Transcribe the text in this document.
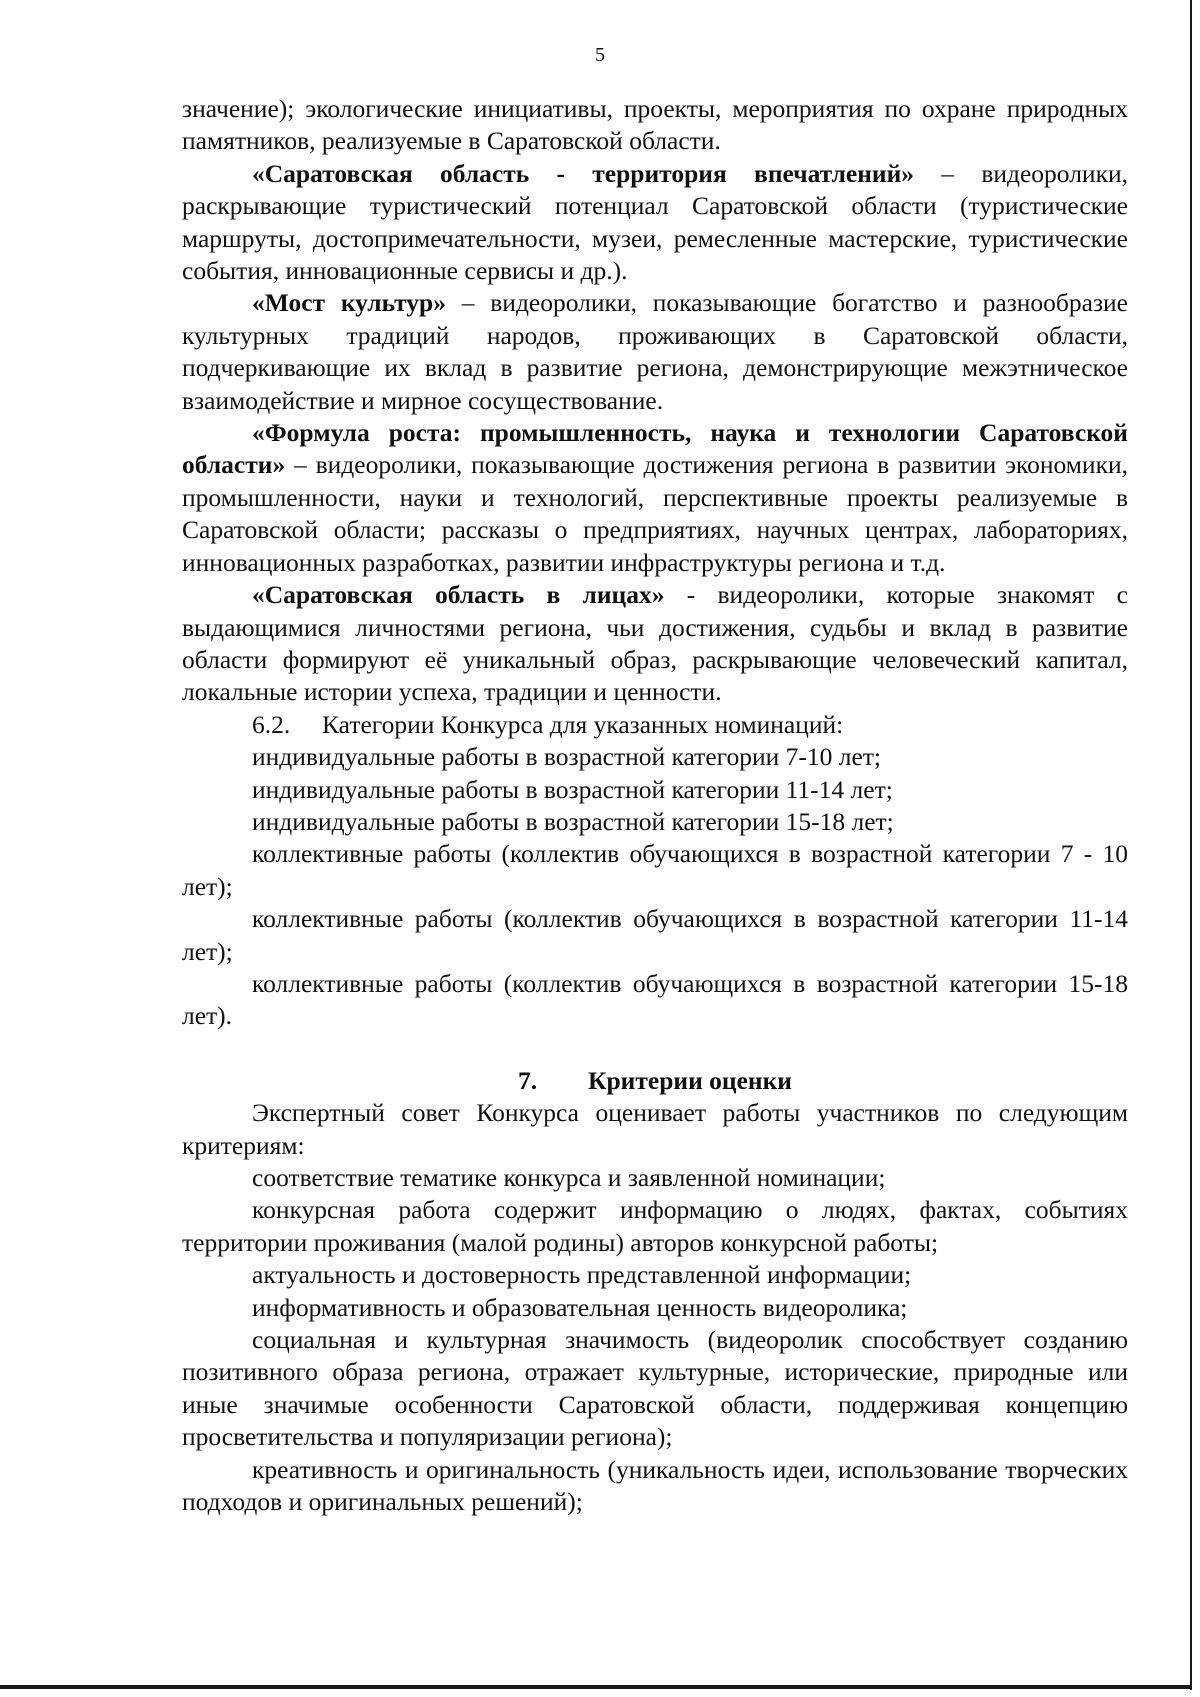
5

значение); экологические инициативы, проекты, мероприятия по охране природных памятников, реализуемые в Саратовской области.

«Саратовская область - территория впечатлений» – видеоролики, раскрывающие туристический потенциал Саратовской области (туристические маршруты, достопримечательности, музеи, ремесленные мастерские, туристические события, инновационные сервисы и др.).

«Мост культур» – видеоролики, показывающие богатство и разнообразие культурных традиций народов, проживающих в Саратовской области, подчеркивающие их вклад в развитие региона, демонстрирующие межэтническое взаимодействие и мирное сосуществование.

«Формула роста: промышленность, наука и технологии Саратовской области» – видеоролики, показывающие достижения региона в развитии экономики, промышленности, науки и технологий, перспективные проекты реализуемые в Саратовской области; рассказы о предприятиях, научных центрах, лабораториях, инновационных разработках, развитии инфраструктуры региона и т.д.

«Саратовская область в лицах» - видеоролики, которые знакомят с выдающимися личностями региона, чьи достижения, судьбы и вклад в развитие области формируют её уникальный образ, раскрывающие человеческий капитал, локальные истории успеха, традиции и ценности.

6.2. Категории Конкурса для указанных номинаций:

индивидуальные работы в возрастной категории 7-10 лет;

индивидуальные работы в возрастной категории 11-14 лет;

индивидуальные работы в возрастной категории 15-18 лет;

коллективные работы (коллектив обучающихся в возрастной категории 7 - 10 лет);

коллективные работы (коллектив обучающихся в возрастной категории 11-14 лет);

коллективные работы (коллектив обучающихся в возрастной категории 15-18 лет).

7. Критерии оценки

Экспертный совет Конкурса оценивает работы участников по следующим критериям:

соответствие тематике конкурса и заявленной номинации;

конкурсная работа содержит информацию о людях, фактах, событиях территории проживания (малой родины) авторов конкурсной работы;

актуальность и достоверность представленной информации;

информативность и образовательная ценность видеоролика;

социальная и культурная значимость (видеоролик способствует созданию позитивного образа региона, отражает культурные, исторические, природные или иные значимые особенности Саратовской области, поддерживая концепцию просветительства и популяризации региона);

креативность и оригинальность (уникальность идеи, использование творческих подходов и оригинальных решений);
